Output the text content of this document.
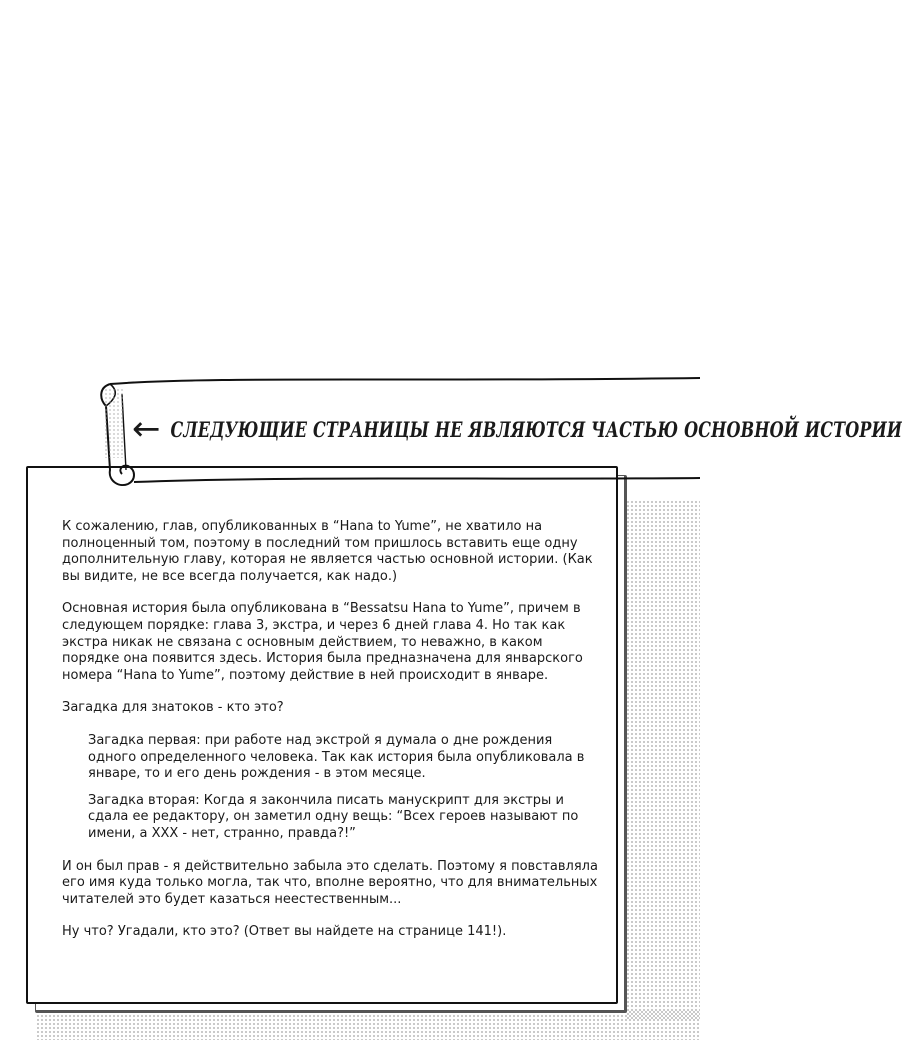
← СЛЕДУЮЩИЕ СТРАНИЦЫ НЕ ЯВЛЯЮТСЯ ЧАСТЬЮ ОСНОВНОЙ ИСТОРИИ

К сожалению, глав, опубликованных в “Hana to Yume”, не хватило на полноценный том, поэтому в последний том пришлось вставить еще одну дополнительную главу, которая не является частью основной истории. (Как вы видите, не все всегда получается, как надо.)

Основная история была опубликована в “Bessatsu Hana to Yume”, причем в следующем порядке: глава 3, экстра, и через 6 дней глава 4. Но так как экстра никак не связана с основным действием, то неважно, в каком порядке она появится здесь. История была предназначена для январского номера “Hana to Yume”, поэтому действие в ней происходит в январе.

Загадка для знатоков - кто это?

Загадка первая: при работе над экстрой я думала о дне рождения одного определенного человека. Так как история была опубликовала в январе, то и его день рождения - в этом месяце.

Загадка вторая: Когда я закончила писать манускрипт для экстры и сдала ее редактору, он заметил одну вещь: “Всех героев называют по имени, а XXX - нет, странно, правда?!”

И он был прав - я действительно забыла это сделать. Поэтому я повставляла его имя куда только могла, так что, вполне вероятно, что для внимательных читателей это будет казаться неестественным...

Ну что? Угадали, кто это? (Ответ вы найдете на странице 141!).
